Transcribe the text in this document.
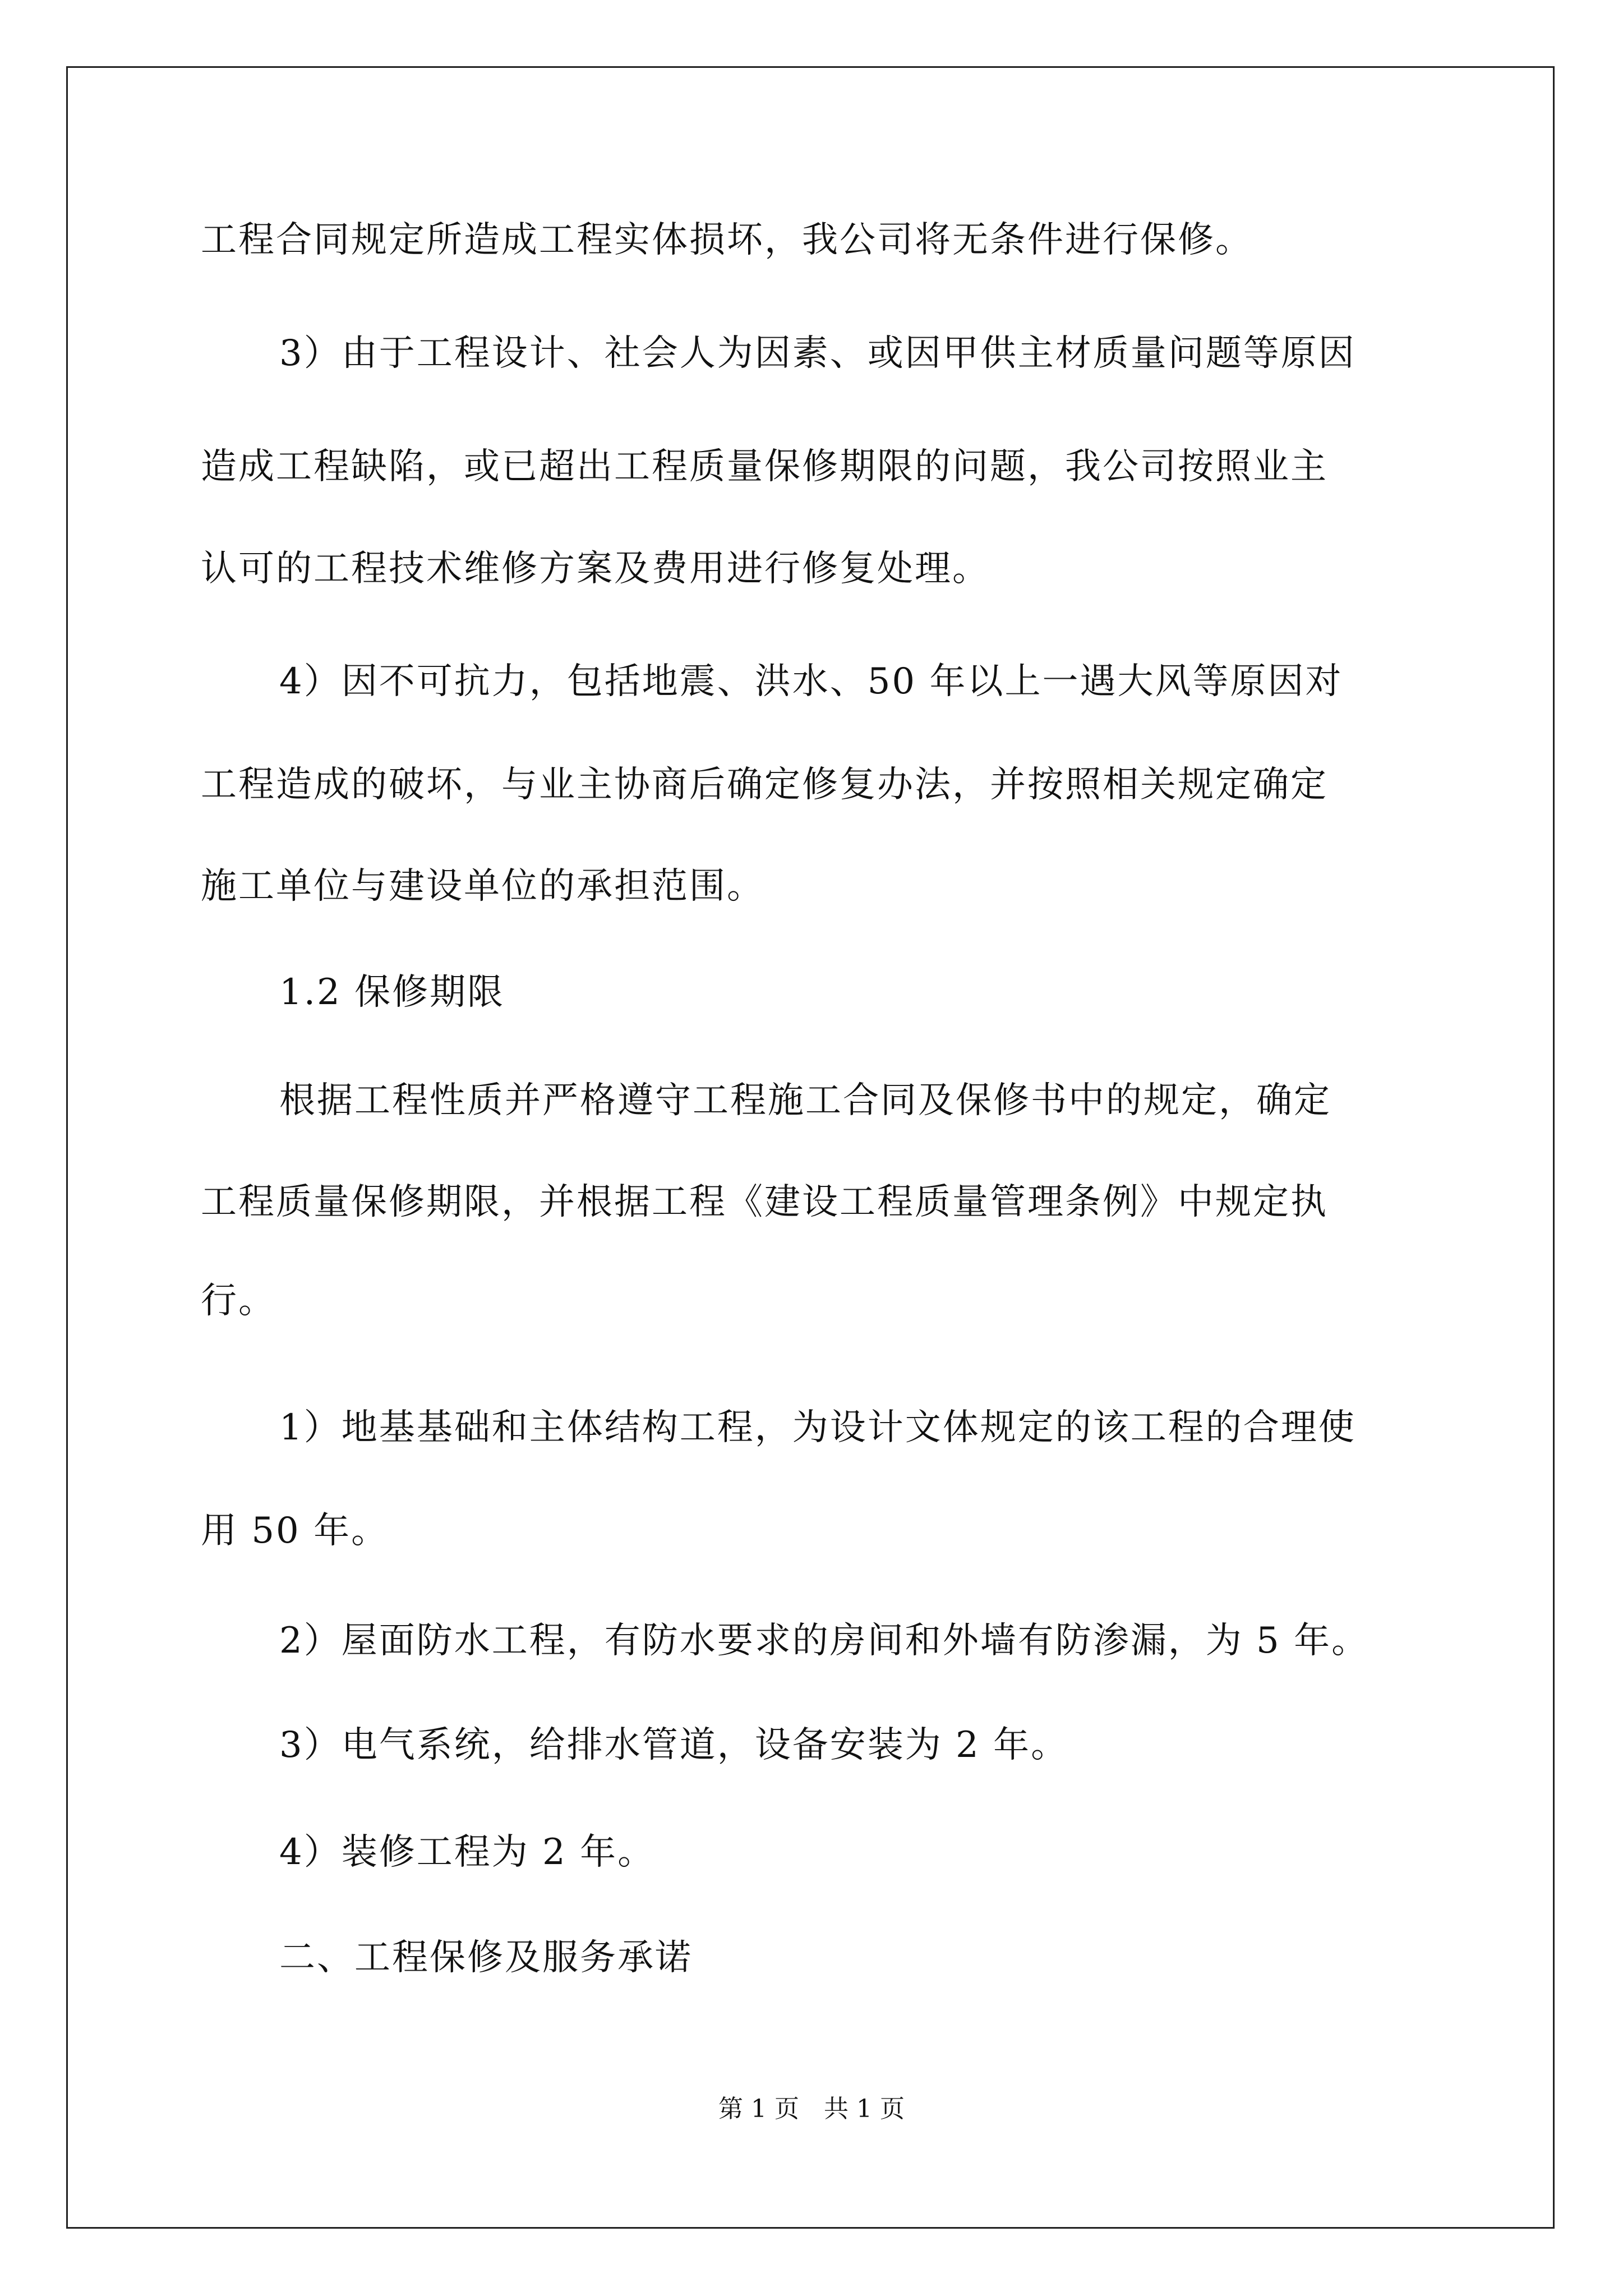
工程合同规定所造成工程实体损坏，我公司将无条件进行保修。
3）由于工程设计、社会人为因素、或因甲供主材质量问题等原因
造成工程缺陷，或已超出工程质量保修期限的问题，我公司按照业主
认可的工程技术维修方案及费用进行修复处理。
4）因不可抗力，包括地震、洪水、50 年以上一遇大风等原因对
工程造成的破坏，与业主协商后确定修复办法，并按照相关规定确定
施工单位与建设单位的承担范围。
1.2 保修期限
根据工程性质并严格遵守工程施工合同及保修书中的规定，确定
工程质量保修期限，并根据工程《建设工程质量管理条例》中规定执
行。
1）地基基础和主体结构工程，为设计文体规定的该工程的合理使
用 50 年。
2）屋面防水工程，有防水要求的房间和外墙有防渗漏，为 5 年。
3）电气系统，给排水管道，设备安装为 2 年。
4）装修工程为 2 年。
二、工程保修及服务承诺
第 1 页　共 1 页
